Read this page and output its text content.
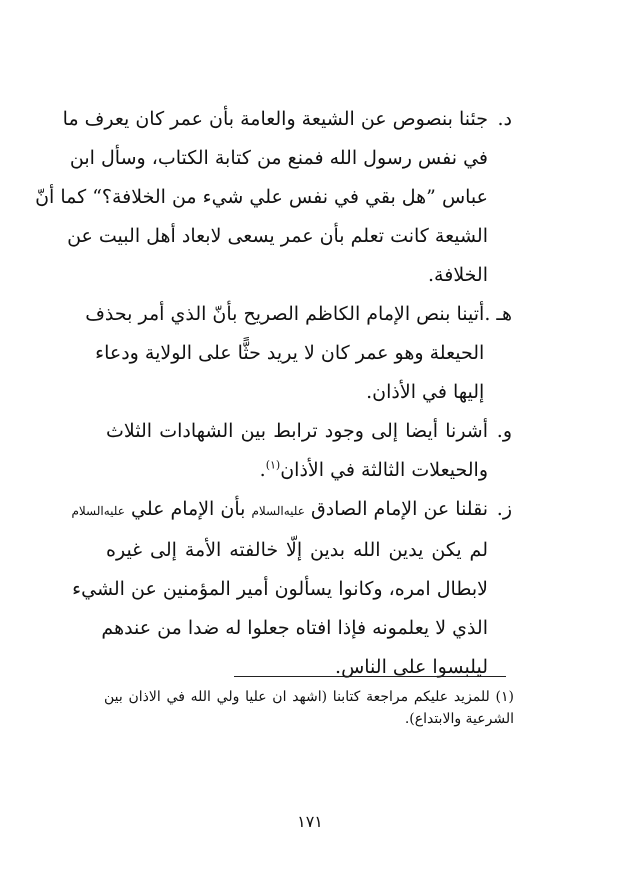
د.
جئنا بنصوص عن الشيعة والعامة بأن عمر كان يعرف ما
في نفس رسول الله فمنع من كتابة الكتاب، وسأل ابن
عباس ”هل بقي في نفس علي شيء من الخلافة؟“ كما أنّ
الشيعة كانت تعلم بأن عمر يسعى لابعاد أهل البيت عن
الخلافة.
هـ .
أتينا بنص الإمام الكاظم الصريح بأنّ الذي أمر بحذف
الحيعلة وهو عمر كان لا يريد حثًّا على الولاية ودعاء
إليها في الأذان.
و.
أشرنا أيضا إلى وجود ترابط بين الشهادات الثلاث
والحيعلات الثالثة في الأذان$^{(١)}$.
ز.
نقلنا عن الإمام الصادق عليه‌السلام بأن الإمام علي عليه‌السلام
لم يكن يدين الله بدين إلّا خالفته الأمة إلى غيره
لابطال امره، وكانوا يسألون أمير المؤمنين عن الشيء
الذي لا يعلمونه فإذا افتاه جعلوا له ضدا من عندهم
ليلبسوا على الناس.
(١) للمزيد عليكم مراجعة كتابنا (اشهد ان عليا ولي الله في الاذان بين
الشرعية والابتداع).
١٧١
